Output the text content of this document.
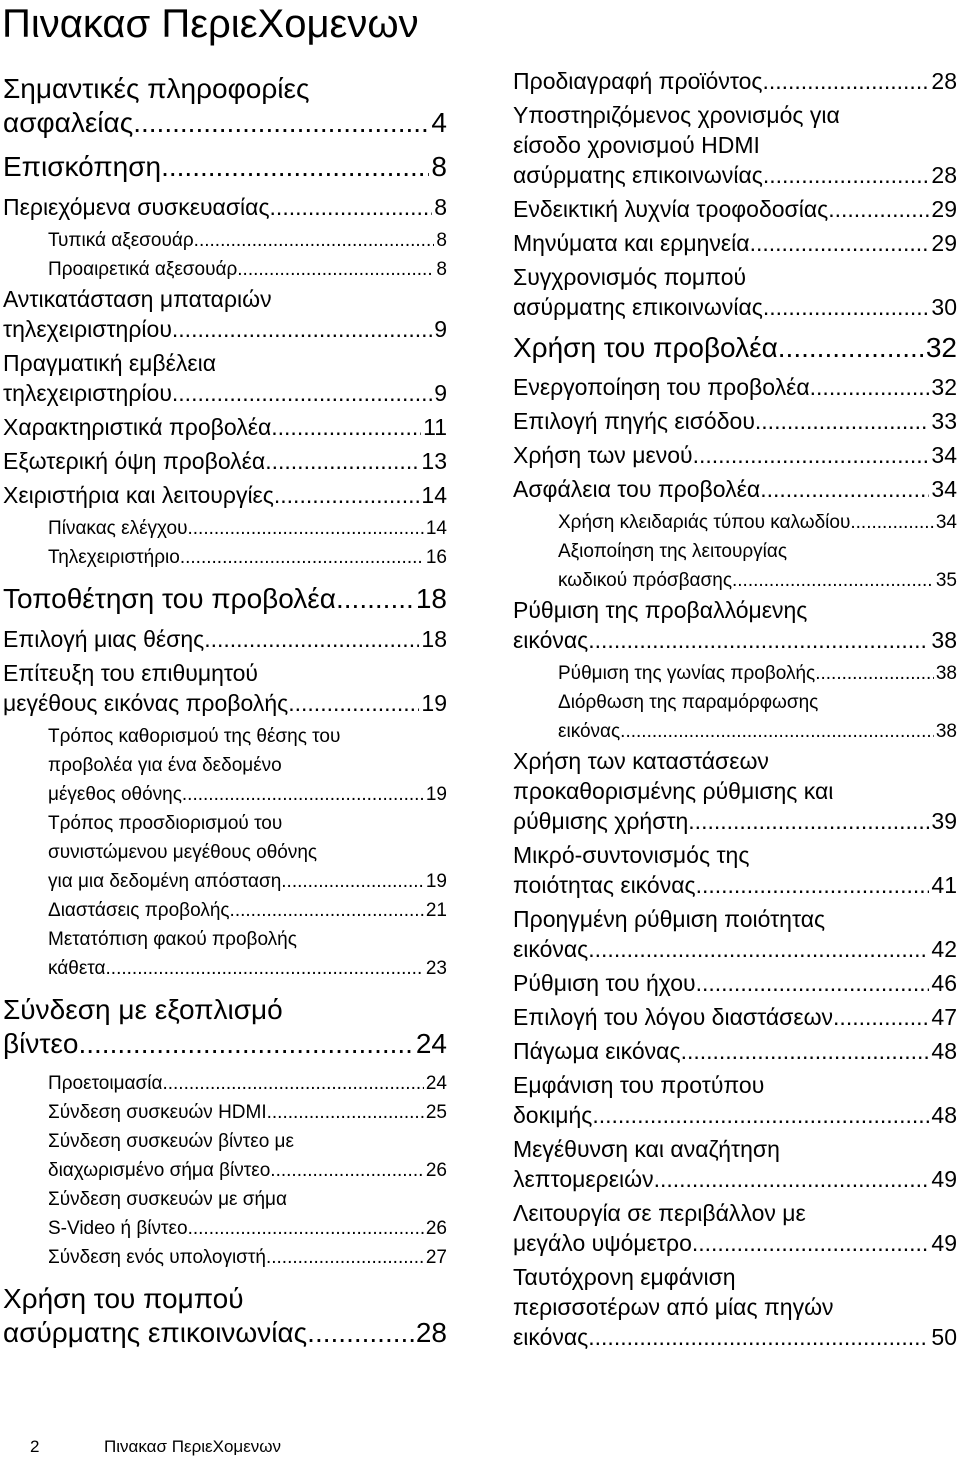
Πινακασ ΠεριεΧομενων
Σημαντικές πληροφορίες
ασφαλείας .....	4
Επισκόπηση .....	8
Περιεχόμενα συσκευασίας .....	8
Τυπικά αξεσουάρ .....	8
Προαιρετικά αξεσουάρ .....	8
Αντικατάσταση μπαταριών
τηλεχειριστηρίου .....	9
Πραγματική εμβέλεια
τηλεχειριστηρίου .....	9
Χαρακτηριστικά προβολέα .....	11
Εξωτερική όψη προβολέα .....	13
Χειριστήρια και λειτουργίες .....	14
Πίνακας ελέγχου .....	14
Τηλεχειριστήριο .....	16
Τοποθέτηση του προβολέα .....	18
Επιλογή μιας θέσης .....	18
Επίτευξη του επιθυμητού
μεγέθους εικόνας προβολής .....	19
Τρόπος καθορισμού της θέσης του
προβολέα για ένα δεδομένο
μέγεθος οθόνης .....	19
Τρόπος προσδιορισμού του
συνιστώμενου μεγέθους οθόνης
για μια δεδομένη απόσταση .....	19
Διαστάσεις προβολής .....	21
Μετατόπιση φακού προβολής
κάθετα .....	23
Σύνδεση με εξοπλισμό
βίντεο .....	24
Προετοιμασία .....	24
Σύνδεση συσκευών HDMI .....	25
Σύνδεση συσκευών βίντεο με
διαχωρισμένο σήμα βίντεο .....	26
Σύνδεση συσκευών με σήμα
S-Video ή βίντεο .....	26
Σύνδεση ενός υπολογιστή .....	27
Χρήση του πομπού
ασύρματης επικοινωνίας .....	28
Προδιαγραφή προϊόντος .....	28
Υποστηριζόμενος χρονισμός για
είσοδο χρονισμού HDMI
ασύρματης επικοινωνίας .....	28
Ενδεικτική λυχνία τροφοδοσίας .....	29
Μηνύματα και ερμηνεία .....	29
Συγχρονισμός πομπού
ασύρματης επικοινωνίας .....	30
Χρήση του προβολέα .....	32
Ενεργοποίηση του προβολέα .....	32
Επιλογή πηγής εισόδου .....	33
Χρήση των μενού .....	34
Ασφάλεια του προβολέα .....	34
Χρήση κλειδαριάς τύπου καλωδίου .....	34
Αξιοποίηση της λειτουργίας
κωδικού πρόσβασης .....	35
Ρύθμιση της προβαλλόμενης
εικόνας .....	38
Ρύθμιση της γωνίας προβολής .....	38
Διόρθωση της παραμόρφωσης
εικόνας .....	38
Χρήση των καταστάσεων
προκαθορισμένης ρύθμισης και
ρύθμισης χρήστη .....	39
Μικρό-συντονισμός της
ποιότητας εικόνας .....	41
Προηγμένη ρύθμιση ποιότητας
εικόνας .....	42
Ρύθμιση του ήχου .....	46
Επιλογή του λόγου διαστάσεων .....	47
Πάγωμα εικόνας .....	48
Εμφάνιση του προτύπου
δοκιμής .....	48
Μεγέθυνση και αναζήτηση
λεπτομερειών .....	49
Λειτουργία σε περιβάλλον με
μεγάλο υψόμετρο .....	49
Ταυτόχρονη εμφάνιση
περισσοτέρων από μίας πηγών
εικόνας .....	50
2	Πινακασ ΠεριεΧομενων
